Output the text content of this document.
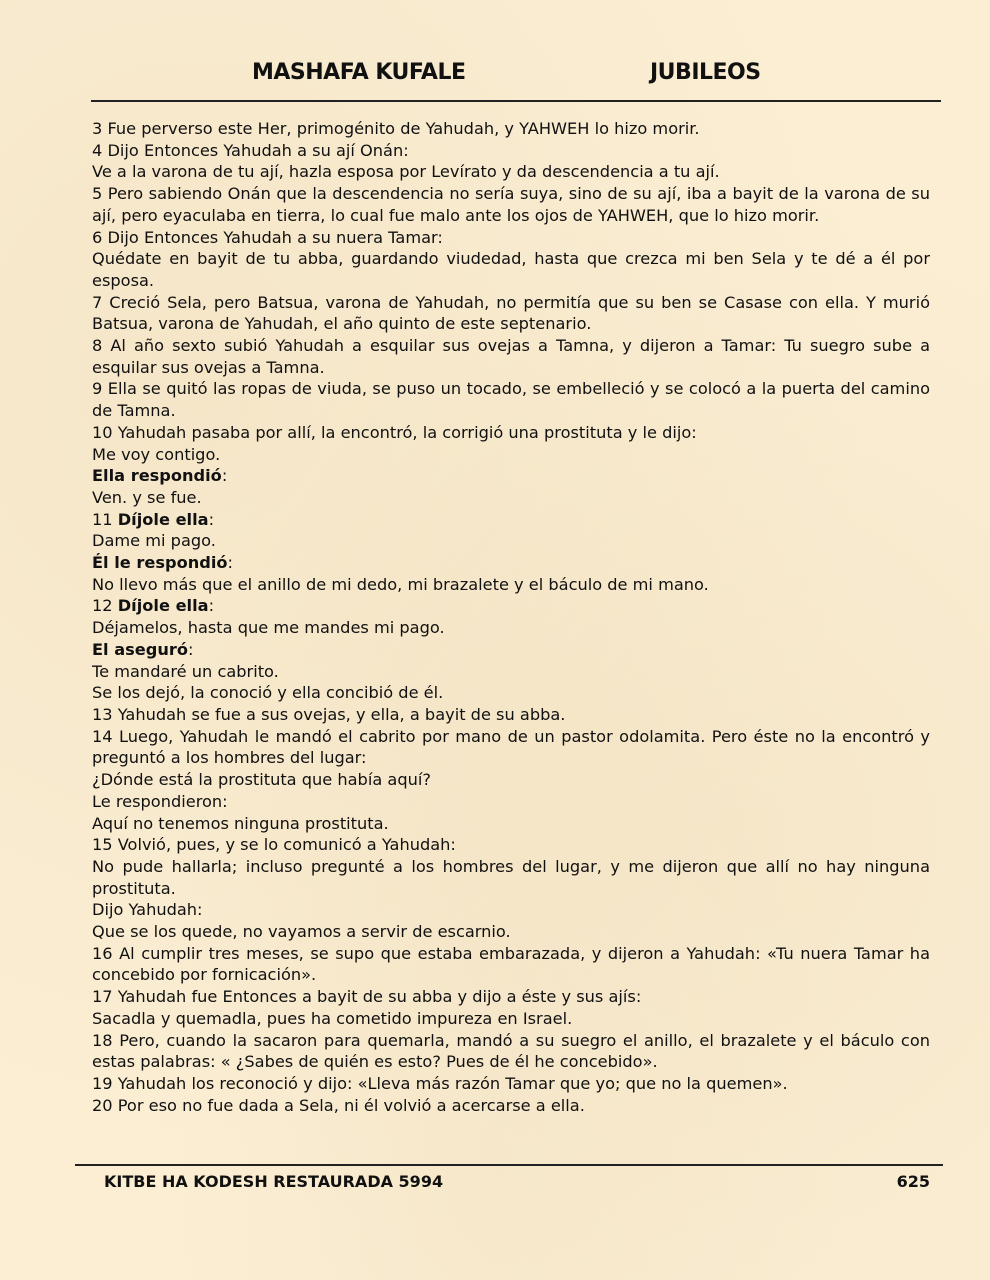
MASHAFA KUFALE	JUBILEOS

3 Fue perverso este Her, primogénito de Yahudah, y YAHWEH lo hizo morir.

4 Dijo Entonces Yahudah a su ají Onán:

Ve a la varona de tu ají, hazla esposa por Levírato y da descendencia a tu ají.

5 Pero sabiendo Onán que la descendencia no sería suya, sino de su ají, iba a bayit de la varona de su ají, pero eyaculaba en tierra, lo cual fue malo ante los ojos de YAHWEH, que lo hizo morir.

6 Dijo Entonces Yahudah a su nuera Tamar:

Quédate en bayit de tu abba, guardando viudedad, hasta que crezca mi ben Sela y te dé a él por esposa.

7 Creció Sela, pero Batsua, varona de Yahudah, no permitía que su ben se Casase con ella. Y murió Batsua, varona de Yahudah, el año quinto de este septenario.

8 Al año sexto subió Yahudah a esquilar sus ovejas a Tamna, y dijeron a Tamar: Tu suegro sube a esquilar sus ovejas a Tamna.

9 Ella se quitó las ropas de viuda, se puso un tocado, se embelleció y se colocó a la puerta del camino de Tamna.

10 Yahudah pasaba por allí, la encontró, la corrigió una prostituta y le dijo:

Me voy contigo.

Ella respondió:

Ven. y se fue.

11 Díjole ella:

Dame mi pago.

Él le respondió:

No llevo más que el anillo de mi dedo, mi brazalete y el báculo de mi mano.

12 Díjole ella:

Déjamelos, hasta que me mandes mi pago.

El aseguró:

Te mandaré un cabrito.

Se los dejó, la conoció y ella concibió de él.

13 Yahudah se fue a sus ovejas, y ella, a bayit de su abba.

14 Luego, Yahudah le mandó el cabrito por mano de un pastor odolamita. Pero éste no la encontró y preguntó a los hombres del lugar:

¿Dónde está la prostituta que había aquí?

Le respondieron:

Aquí no tenemos ninguna prostituta.

15 Volvió, pues, y se lo comunicó a Yahudah:

No pude hallarla; incluso pregunté a los hombres del lugar, y me dijeron que allí no hay ninguna prostituta.

Dijo Yahudah:

Que se los quede, no vayamos a servir de escarnio.

16 Al cumplir tres meses, se supo que estaba embarazada, y dijeron a Yahudah: «Tu nuera Tamar ha concebido por fornicación».

17 Yahudah fue Entonces a bayit de su abba y dijo a éste y sus ajís:

Sacadla y quemadla, pues ha cometido impureza en Israel.

18 Pero, cuando la sacaron para quemarla, mandó a su suegro el anillo, el brazalete y el báculo con estas palabras: « ¿Sabes de quién es esto? Pues de él he concebido».

19 Yahudah los reconoció y dijo: «Lleva más razón Tamar que yo; que no la quemen».

20 Por eso no fue dada a Sela, ni él volvió a acercarse a ella.

KITBE HA KODESH RESTAURADA 5994	625
